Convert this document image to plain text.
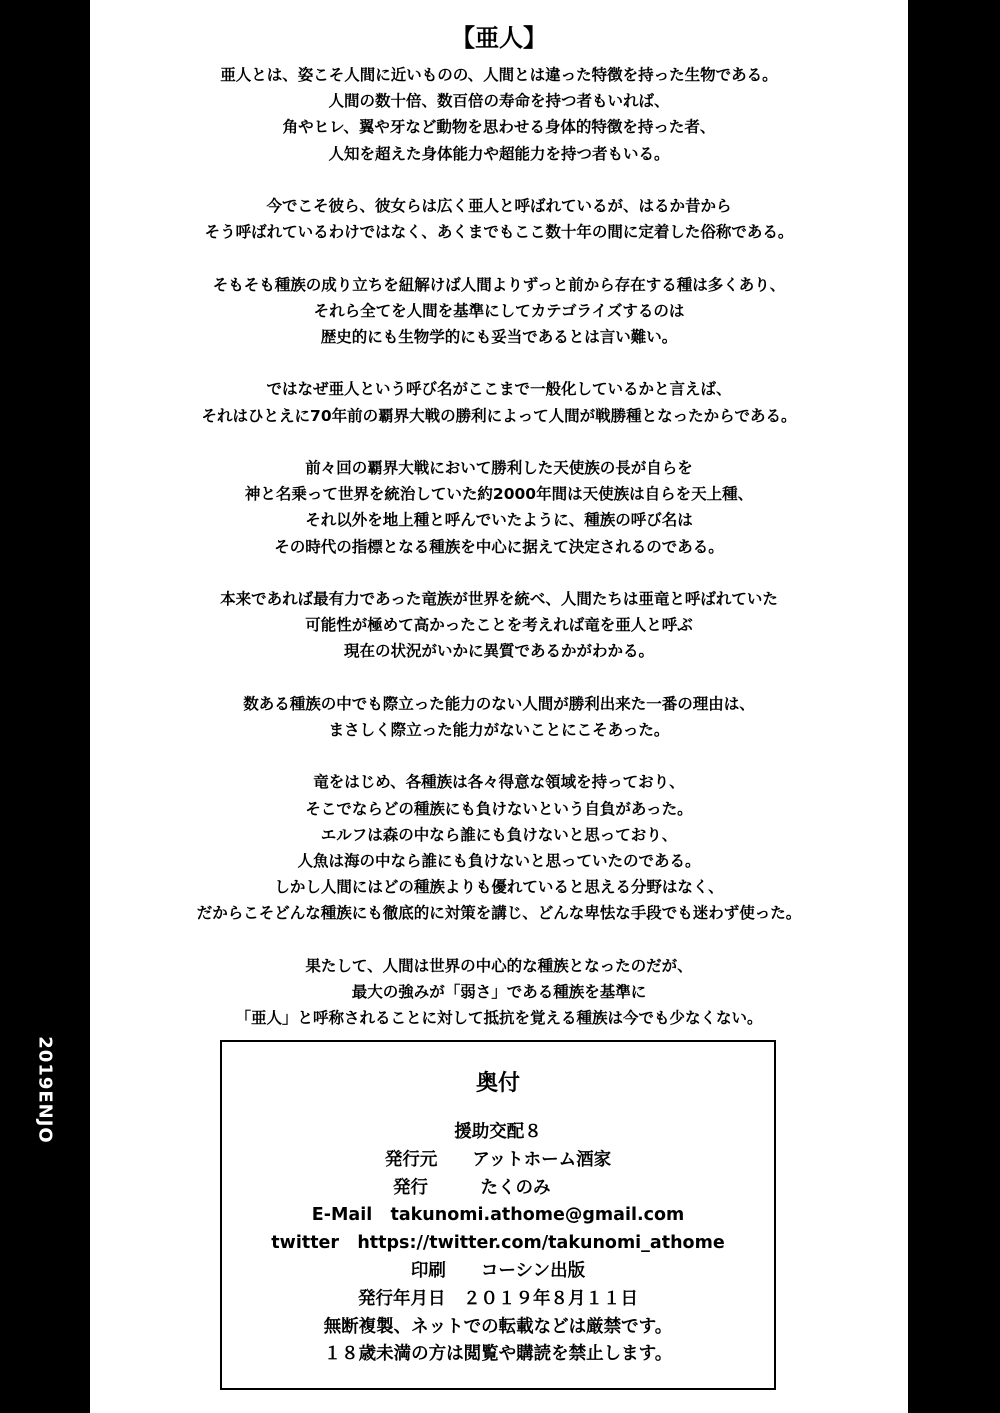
【亜人】
亜人とは、姿こそ人間に近いものの、人間とは違った特徴を持った生物である。
人間の数十倍、数百倍の寿命を持つ者もいれば、
角やヒレ、翼や牙など動物を思わせる身体的特徴を持った者、
人知を超えた身体能力や超能力を持つ者もいる。
今でこそ彼ら、彼女らは広く亜人と呼ばれているが、はるか昔から
そう呼ばれているわけではなく、あくまでもここ数十年の間に定着した俗称である。
そもそも種族の成り立ちを紐解けば人間よりずっと前から存在する種は多くあり、
それら全てを人間を基準にしてカテゴライズするのは
歴史的にも生物学的にも妥当であるとは言い難い。
ではなぜ亜人という呼び名がここまで一般化しているかと言えば、
それはひとえに70年前の覇界大戦の勝利によって人間が戦勝種となったからである。
前々回の覇界大戦において勝利した天使族の長が自らを
神と名乗って世界を統治していた約2000年間は天使族は自らを天上種、
それ以外を地上種と呼んでいたように、種族の呼び名は
その時代の指標となる種族を中心に据えて決定されるのである。
本来であれば最有力であった竜族が世界を統べ、人間たちは亜竜と呼ばれていた
可能性が極めて高かったことを考えれば竜を亜人と呼ぶ
現在の状況がいかに異質であるかがわかる。
数ある種族の中でも際立った能力のない人間が勝利出来た一番の理由は、
まさしく際立った能力がないことにこそあった。
竜をはじめ、各種族は各々得意な領域を持っており、
そこでならどの種族にも負けないという自負があった。
エルフは森の中なら誰にも負けないと思っており、
人魚は海の中なら誰にも負けないと思っていたのである。
しかし人間にはどの種族よりも優れていると思える分野はなく、
だからこそどんな種族にも徹底的に対策を講じ、どんな卑怯な手段でも迷わず使った。
果たして、人間は世界の中心的な種族となったのだが、
最大の強みが「弱さ」である種族を基準に
「亜人」と呼称されることに対して抵抗を覚える種族は今でも少なくない。
奥付
援助交配８
発行元　　アットホーム酒家
発行　　　たくのみ　　　
E-Mail   takunomi.athome@gmail.com
twitter   https://twitter.com/takunomi_athome
印刷　　コーシン出版
発行年月日　２０１９年８月１１日
無断複製、ネットでの転載などは厳禁です。
１８歳未満の方は閲覧や購読を禁止します。
2019ENJO
